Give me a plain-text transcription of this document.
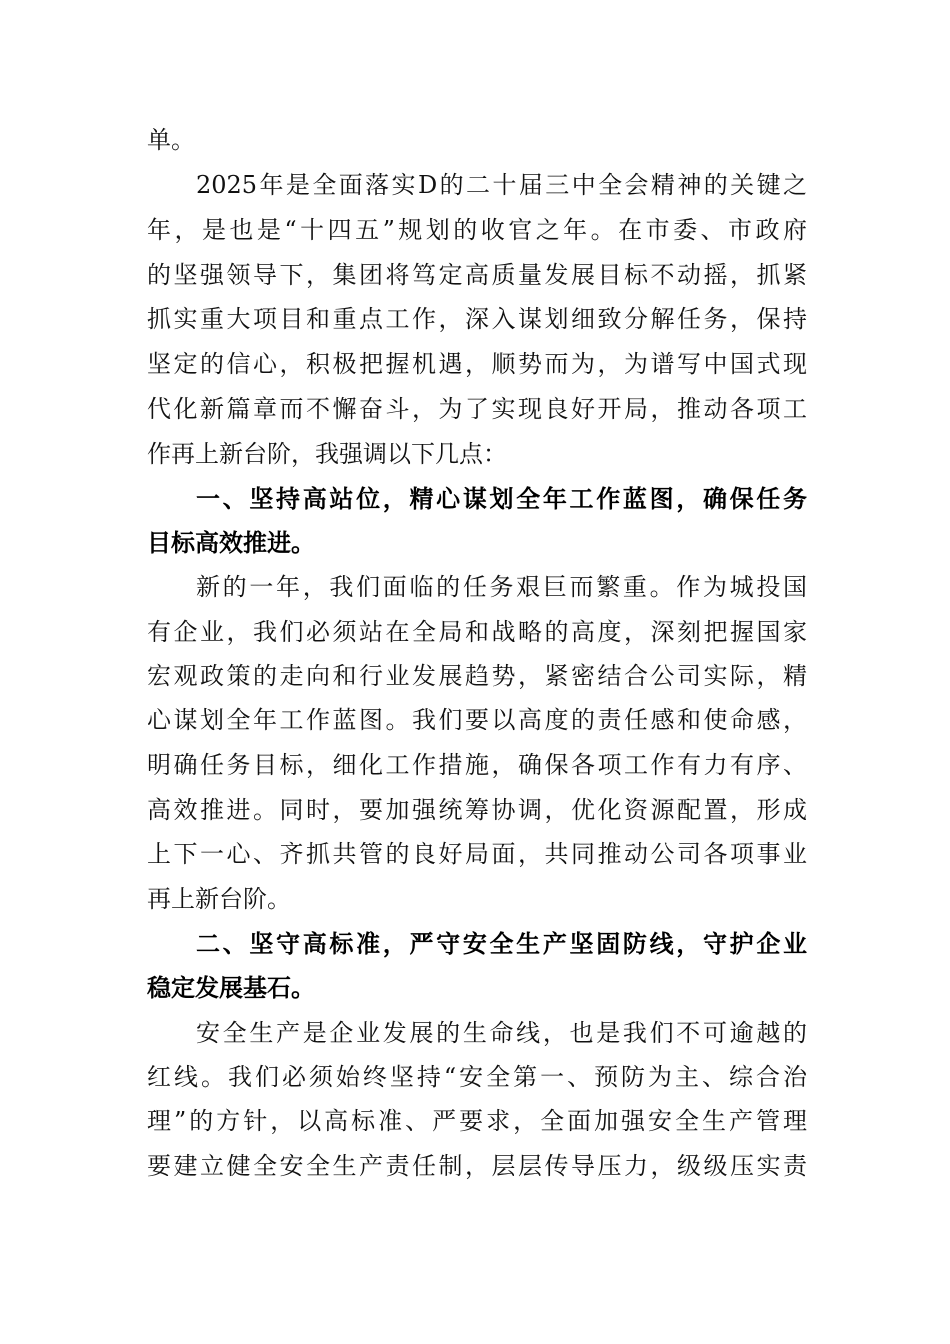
单。
2025年是全面落实D的二十届三中全会精神的关键之
年，是也是“十四五”规划的收官之年。在市委、市政府
的坚强领导下，集团将笃定高质量发展目标不动摇，抓紧
抓实重大项目和重点工作，深入谋划细致分解任务，保持
坚定的信心，积极把握机遇，顺势而为，为谱写中国式现
代化新篇章而不懈奋斗，为了实现良好开局，推动各项工
作再上新台阶，我强调以下几点：
一、坚持高站位，精心谋划全年工作蓝图，确保任务
目标高效推进。
新的一年，我们面临的任务艰巨而繁重。作为城投国
有企业，我们必须站在全局和战略的高度，深刻把握国家
宏观政策的走向和行业发展趋势，紧密结合公司实际，精
心谋划全年工作蓝图。我们要以高度的责任感和使命感，
明确任务目标，细化工作措施，确保各项工作有力有序、
高效推进。同时，要加强统筹协调，优化资源配置，形成
上下一心、齐抓共管的良好局面，共同推动公司各项事业
再上新台阶。
二、坚守高标准，严守安全生产坚固防线，守护企业
稳定发展基石。
安全生产是企业发展的生命线，也是我们不可逾越的
红线。我们必须始终坚持“安全第一、预防为主、综合治
理”的方针，以高标准、严要求，全面加强安全生产管理
要建立健全安全生产责任制，层层传导压力，级级压实责
